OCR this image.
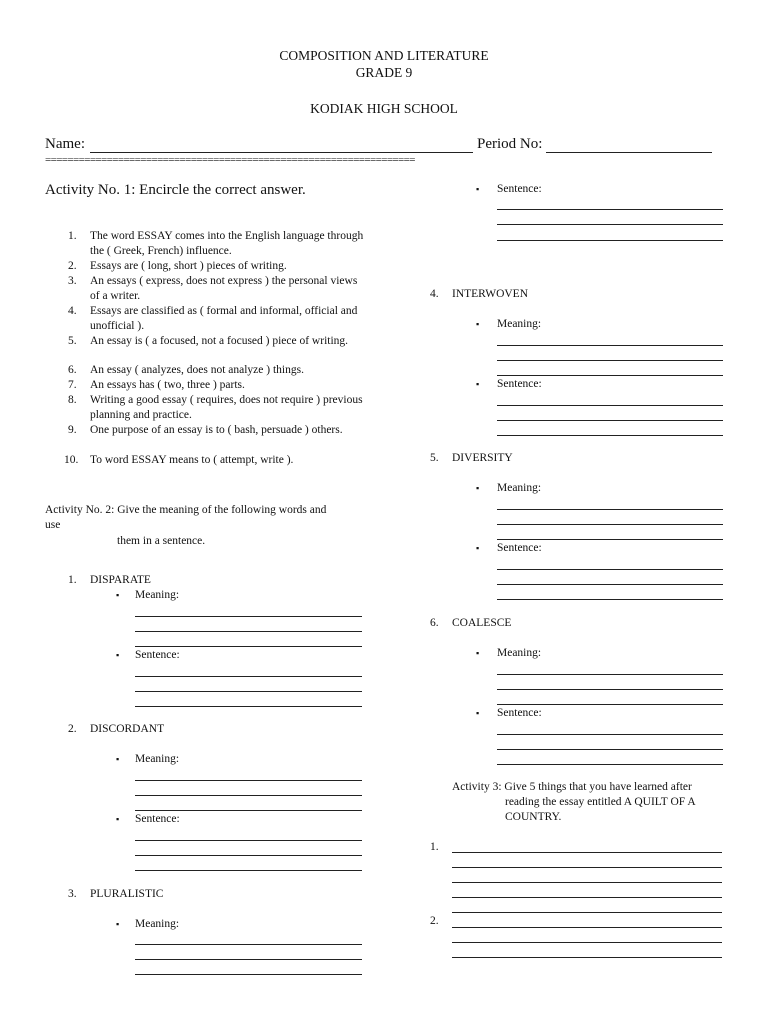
COMPOSITION AND LITERATURE
GRADE 9
KODIAK HIGH SCHOOL
Name:	Period No:
==================================================================
Activity No. 1: Encircle the correct answer.
1. The word ESSAY comes into the English language through the ( Greek, French) influence.
2. Essays are ( long, short ) pieces of writing.
3. An essays ( express, does not express ) the personal views of a writer.
4. Essays are classified as ( formal and informal, official and unofficial ).
5. An essay is ( a focused, not a focused ) piece of writing.
6. An essay ( analyzes, does not analyze ) things.
7. An essays has ( two, three ) parts.
8. Writing a good essay ( requires, does not require ) previous planning and practice.
9. One purpose of an essay is to ( bash, persuade ) others.
10. To word ESSAY means to ( attempt, write ).
Activity No. 2: Give the meaning of the following words and
use
them in a sentence.
1. DISPARATE
▪ Meaning:
▪ Sentence:
2. DISCORDANT
▪ Meaning:
▪ Sentence:
3. PLURALISTIC
▪ Meaning:
4. INTERWOVEN
▪ Meaning:
▪ Sentence:
5. DIVERSITY
▪ Meaning:
▪ Sentence:
6. COALESCE
▪ Meaning:
▪ Sentence:
▪ Sentence:
Activity 3: Give 5 things that you have learned after
reading the essay entitled A QUILT OF A
COUNTRY.
1.
2.
